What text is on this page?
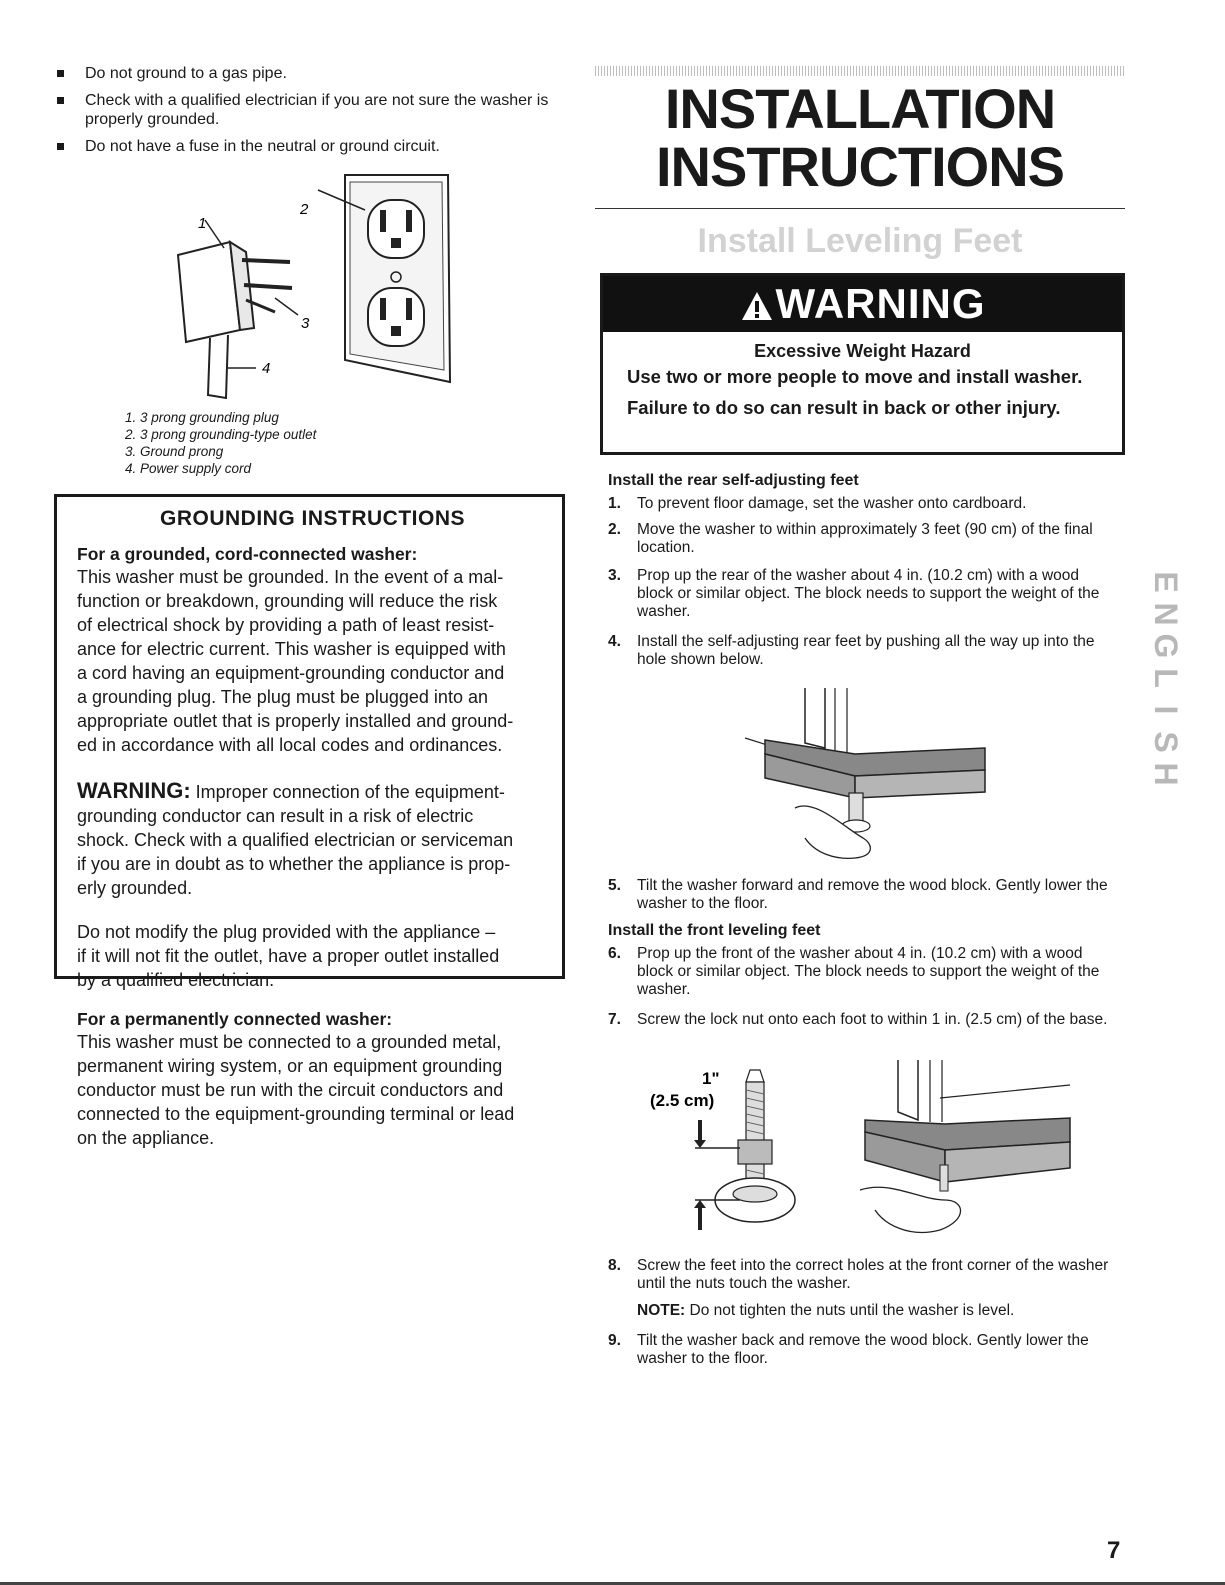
Do not ground to a gas pipe.
Check with a qualified electrician if you are not sure the washer is properly grounded.
Do not have a fuse in the neutral or ground circuit.
1
2
3
4
1. 3 prong grounding plug
2. 3 prong grounding-type outlet
3. Ground prong
4. Power supply cord
GROUNDING INSTRUCTIONS
For a grounded, cord-connected washer:

This washer must be grounded. In the event of a mal-

function or breakdown, grounding will reduce the risk

of electrical shock by providing a path of least resist-

ance for electric current. This washer is equipped with

a cord having an equipment-grounding conductor and

a grounding plug. The plug must be plugged into an

appropriate outlet that is properly installed and ground-

ed in accordance with all local codes and ordinances.

WARNING: Improper connection of the equipment-

grounding conductor can result in a risk of electric

shock. Check with a qualified electrician or serviceman

if you are in doubt as to whether the appliance is prop-

erly grounded.

Do not modify the plug provided with the appliance –

if it will not fit the outlet, have a proper outlet installed

by a qualified electrician.

For a permanently connected washer:

This washer must be connected to a grounded metal,

permanent wiring system, or an equipment grounding

conductor must be run with the circuit conductors and

connected to the equipment-grounding terminal or lead

on the appliance.

INSTALLATION
INSTRUCTIONS
Install Leveling Feet
WARNING
Excessive Weight Hazard
Use two or more people to move and install washer.
Failure to do so can result in back or other injury.
Install the rear self-adjusting feet
1. To prevent floor damage, set the washer onto cardboard.
2. Move the washer to within approximately 3 feet (90 cm) of the final location.
3. Prop up the rear of the washer about 4 in. (10.2 cm) with a wood block or similar object. The block needs to support the weight of the washer.
4. Install the self-adjusting rear feet by pushing all the way up into the hole shown below.
5. Tilt the washer forward and remove the wood block. Gently lower the washer to the floor.
Install the front leveling feet
6. Prop up the front of the washer about 4 in. (10.2 cm) with a wood block or similar object. The block needs to support the weight of the washer.
7. Screw the lock nut onto each foot to within 1 in. (2.5 cm) of the base.
1"
(2.5 cm)
8. Screw the feet into the correct holes at the front corner of the washer until the nuts touch the washer.
NOTE: Do not tighten the nuts until the washer is level.
9. Tilt the washer back and remove the wood block. Gently lower the washer to the floor.
E
N
G
L
I
S
H
7
